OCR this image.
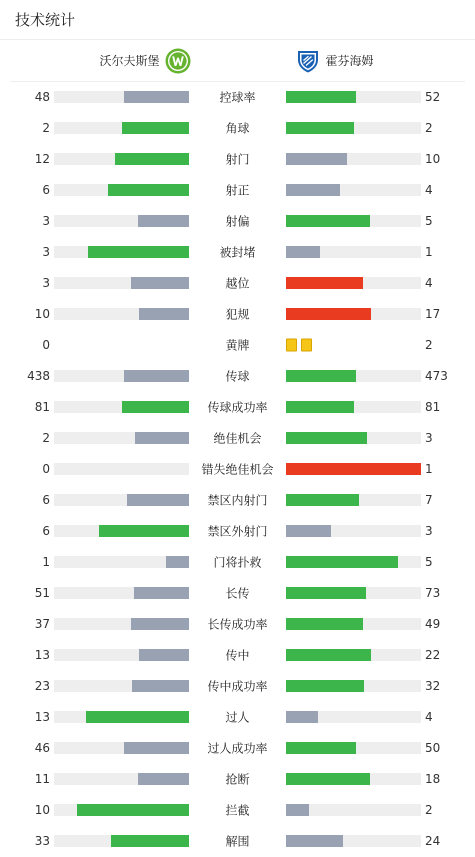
技术统计
沃尔夫斯堡	霍芬海姆
48	控球率	52
2	角球	2
12	射门	10
6	射正	4
3	射偏	5
3	被封堵	1
3	越位	4
10	犯规	17
0	黄牌	2
438	传球	473
81	传球成功率	81
2	绝佳机会	3
0	错失绝佳机会	1
6	禁区内射门	7
6	禁区外射门	3
1	门将扑救	5
51	长传	73
37	长传成功率	49
13	传中	22
23	传中成功率	32
13	过人	4
46	过人成功率	50
11	抢断	18
10	拦截	2
33	解围	24
